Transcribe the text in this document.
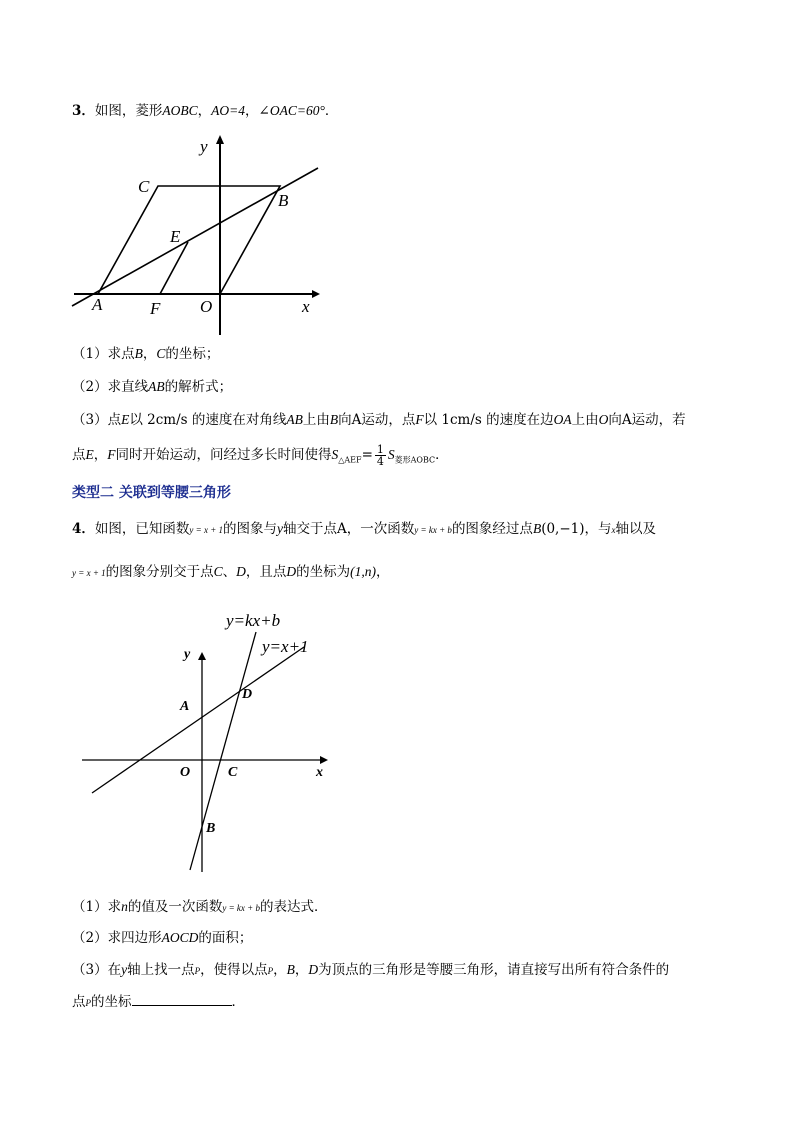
3．如图，菱形AOBC，AO=4，∠OAC=60°．
y
x
C
B
E
A	F O
（1）求点B，C的坐标；
（2）求直线AB的解析式；
（3）点E以 2cm/s 的速度在对角线AB上由B向A运动，点F以 1cm/s 的速度在边OA上由O向A运动，若
点E，F同时开始运动，问经过多长时间使得$S_{\triangle AEF}= \frac{1}{4} S_{菱形AOBC}$．
类型二 关联到等腰三角形
4．如图，已知函数y = x + 1的图象与y轴交于点A，一次函数y = kx + b的图象经过点B(0,−1)，与x轴以及
y = x + 1的图象分别交于点C、D，且点D的坐标为(1,n)，
y=kx+b
y=x+1
y
x
A
D
O	C
B
（1）求n的值及一次函数y = kx + b的表达式．
（2）求四边形AOCD的面积；
（3）在y轴上找一点P，使得以点P，B，D为顶点的三角形是等腰三角形，请直接写出所有符合条件的
点P的坐标	．
